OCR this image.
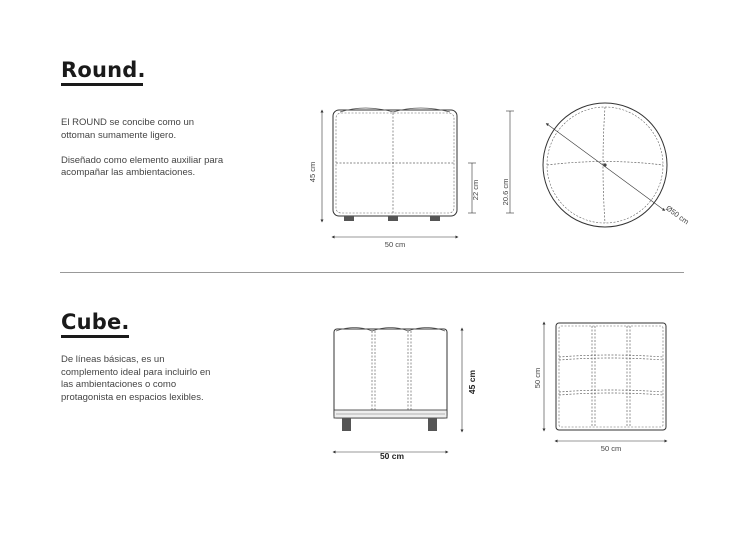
Round.

El ROUND se concibe como un ottoman sumamente ligero.

Diseñado como elemento auxiliar para acompañar las ambientaciones.

Cube.

De líneas básicas, es un complemento ideal para incluirlo en las ambientaciones o como protagonista en espacios lexibles.

45 cm
50 cm
22 cm	20.6 cm
Ø50 cm
45 cm
50 cm
50 cm
50 cm
